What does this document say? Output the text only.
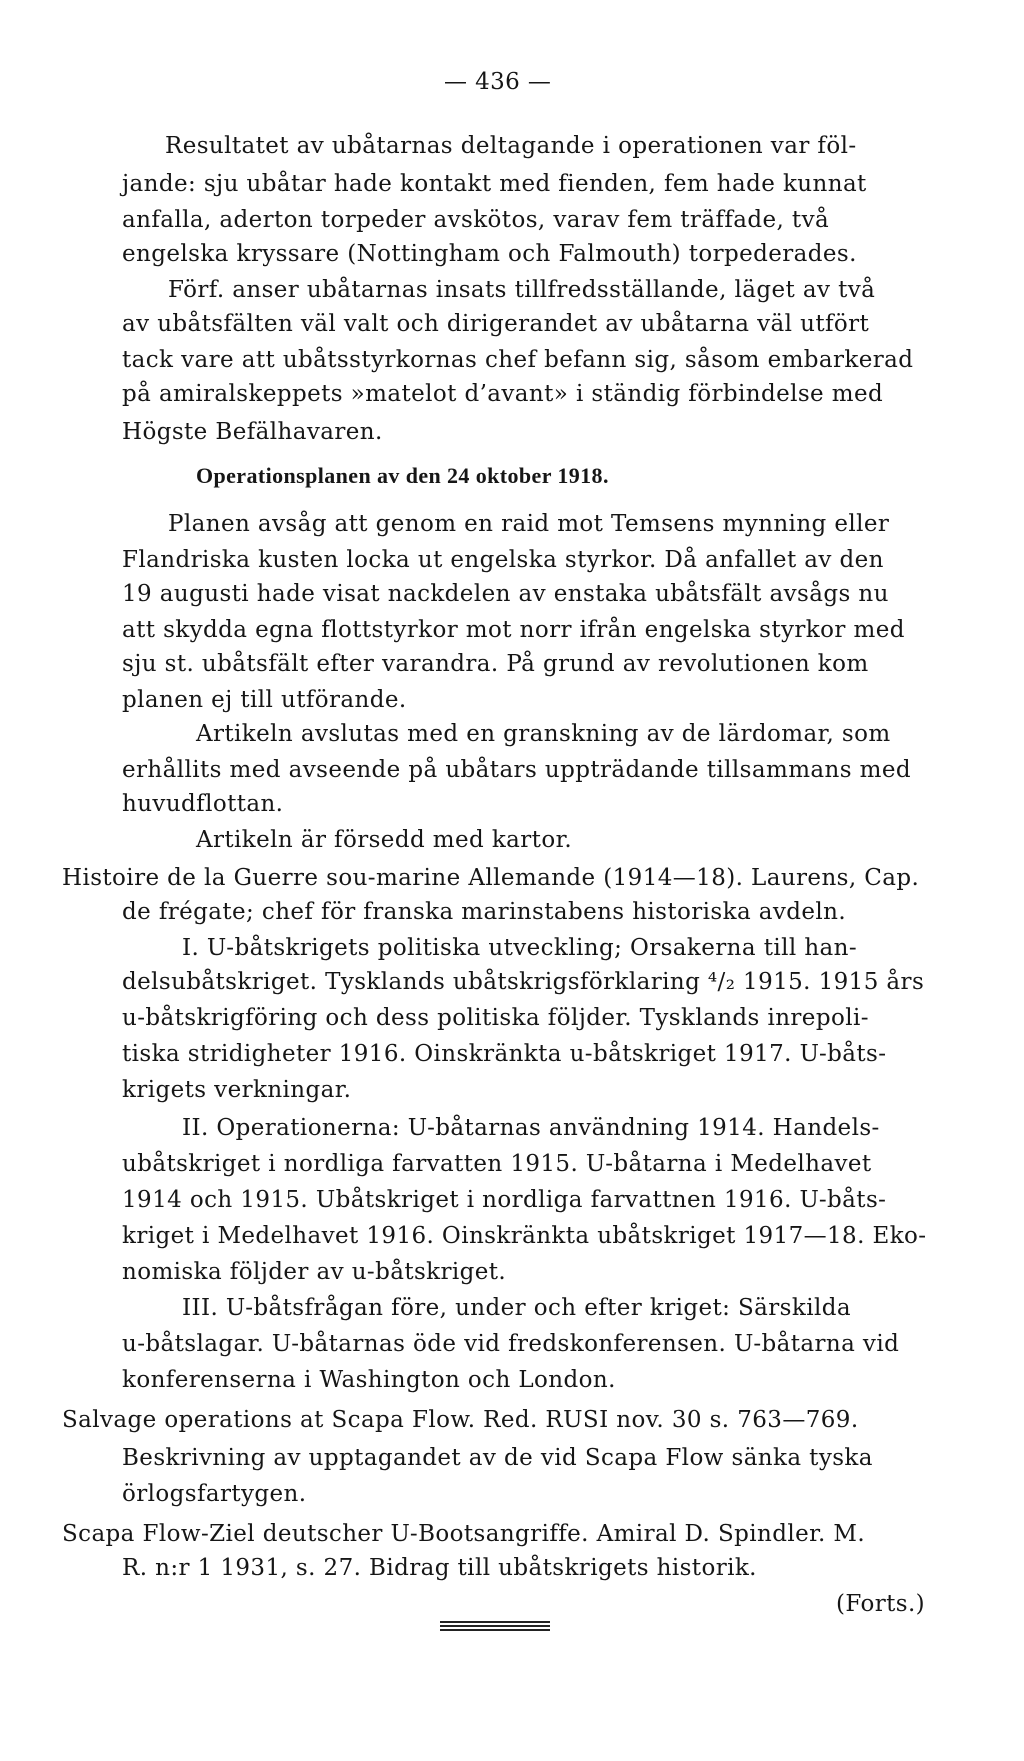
— 436 —
Resultatet av ubåtarnas deltagande i operationen var föl-
jande: sju ubåtar hade kontakt med fienden, fem hade kunnat
anfalla, aderton torpeder avskötos, varav fem träffade, två
engelska kryssare (Nottingham och Falmouth) torpederades.
Förf. anser ubåtarnas insats tillfredsställande, läget av två
av ubåtsfälten väl valt och dirigerandet av ubåtarna väl utfört
tack vare att ubåtsstyrkornas chef befann sig, såsom embarkerad
på amiralskeppets »matelot d’avant» i ständig förbindelse med
Högste Befälhavaren.
Operationsplanen av den 24 oktober 1918.
Planen avsåg att genom en raid mot Temsens mynning eller
Flandriska kusten locka ut engelska styrkor. Då anfallet av den
19 augusti hade visat nackdelen av enstaka ubåtsfält avsågs nu
att skydda egna flottstyrkor mot norr ifrån engelska styrkor med
sju st. ubåtsfält efter varandra. På grund av revolutionen kom
planen ej till utförande.
Artikeln avslutas med en granskning av de lärdomar, som
erhållits med avseende på ubåtars uppträdande tillsammans med
huvudflottan.
Artikeln är försedd med kartor.
Histoire de la Guerre sou-marine Allemande (1914—18). Laurens, Cap.
de frégate; chef för franska marinstabens historiska avdeln.
I. U-båtskrigets politiska utveckling; Orsakerna till han-
delsubåtskriget. Tysklands ubåtskrigsförklaring ⁴/₂ 1915. 1915 års
u-båtskrigföring och dess politiska följder. Tysklands inrepoli-
tiska stridigheter 1916. Oinskränkta u-båtskriget 1917. U-båts-
krigets verkningar.
II. Operationerna: U-båtarnas användning 1914. Handels-
ubåtskriget i nordliga farvatten 1915. U-båtarna i Medelhavet
1914 och 1915. Ubåtskriget i nordliga farvattnen 1916. U-båts-
kriget i Medelhavet 1916. Oinskränkta ubåtskriget 1917—18. Eko-
nomiska följder av u-båtskriget.
III. U-båtsfrågan före, under och efter kriget: Särskilda
u-båtslagar. U-båtarnas öde vid fredskonferensen. U-båtarna vid
konferenserna i Washington och London.
Salvage operations at Scapa Flow. Red. RUSI nov. 30 s. 763—769.
Beskrivning av upptagandet av de vid Scapa Flow sänka tyska
örlogsfartygen.
Scapa Flow-Ziel deutscher U-Bootsangriffe. Amiral D. Spindler. M.
R. n:r 1 1931, s. 27. Bidrag till ubåtskrigets historik.
(Forts.)
